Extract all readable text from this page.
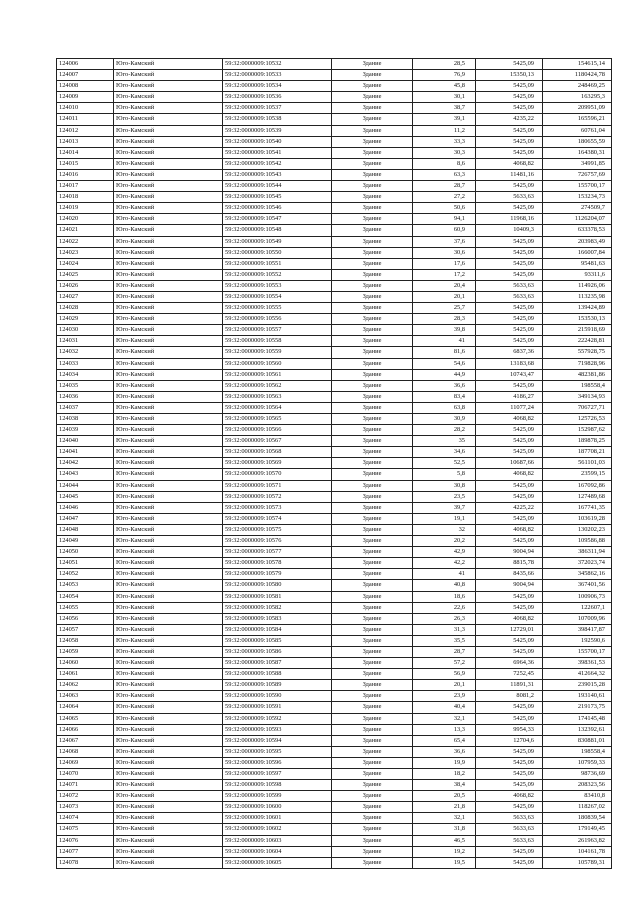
124006	Юго-Камский	59:32:0000009:10532	Здание	28,5	5425,09	154615,14
124007	Юго-Камский	59:32:0000009:10533	Здание	76,9	15350,13	1180424,78
124008	Юго-Камский	59:32:0000009:10534	Здание	45,8	5425,09	248469,25
124009	Юго-Камский	59:32:0000009:10536	Здание	30,1	5425,09	163295,3
124010	Юго-Камский	59:32:0000009:10537	Здание	38,7	5425,09	209951,09
124011	Юго-Камский	59:32:0000009:10538	Здание	39,1	4235,22	165596,21
124012	Юго-Камский	59:32:0000009:10539	Здание	11,2	5425,09	60761,04
124013	Юго-Камский	59:32:0000009:10540	Здание	33,3	5425,09	180655,59
124014	Юго-Камский	59:32:0000009:10541	Здание	30,3	5425,09	164380,31
124015	Юго-Камский	59:32:0000009:10542	Здание	8,6	4068,82	34991,85
124016	Юго-Камский	59:32:0000009:10543	Здание	63,3	11481,16	726757,69
124017	Юго-Камский	59:32:0000009:10544	Здание	28,7	5425,09	155700,17
124018	Юго-Камский	59:32:0000009:10545	Здание	27,2	5633,63	153234,73
124019	Юго-Камский	59:32:0000009:10546	Здание	50,6	5425,09	274509,7
124020	Юго-Камский	59:32:0000009:10547	Здание	94,1	11968,16	1126204,07
124021	Юго-Камский	59:32:0000009:10548	Здание	60,9	10409,3	633378,53
124022	Юго-Камский	59:32:0000009:10549	Здание	37,6	5425,09	203983,49
124023	Юго-Камский	59:32:0000009:10550	Здание	30,6	5425,09	166007,84
124024	Юго-Камский	59:32:0000009:10551	Здание	17,6	5425,09	95481,63
124025	Юго-Камский	59:32:0000009:10552	Здание	17,2	5425,09	93311,6
124026	Юго-Камский	59:32:0000009:10553	Здание	20,4	5633,63	114926,06
124027	Юго-Камский	59:32:0000009:10554	Здание	20,1	5633,63	113235,98
124028	Юго-Камский	59:32:0000009:10555	Здание	25,7	5425,09	139424,89
124029	Юго-Камский	59:32:0000009:10556	Здание	28,3	5425,09	153530,13
124030	Юго-Камский	59:32:0000009:10557	Здание	39,8	5425,09	215918,69
124031	Юго-Камский	59:32:0000009:10558	Здание	41	5425,09	222428,81
124032	Юго-Камский	59:32:0000009:10559	Здание	81,6	6837,36	557928,75
124033	Юго-Камский	59:32:0000009:10560	Здание	54,6	13183,68	719828,96
124034	Юго-Камский	59:32:0000009:10561	Здание	44,9	10743,47	482381,86
124035	Юго-Камский	59:32:0000009:10562	Здание	36,6	5425,09	198558,4
124036	Юго-Камский	59:32:0000009:10563	Здание	83,4	4186,27	349134,93
124037	Юго-Камский	59:32:0000009:10564	Здание	63,8	11077,24	706727,71
124038	Юго-Камский	59:32:0000009:10565	Здание	30,9	4068,82	125726,53
124039	Юго-Камский	59:32:0000009:10566	Здание	28,2	5425,09	152987,62
124040	Юго-Камский	59:32:0000009:10567	Здание	35	5425,09	189878,25
124041	Юго-Камский	59:32:0000009:10568	Здание	34,6	5425,09	187708,21
124042	Юго-Камский	59:32:0000009:10569	Здание	52,5	10687,66	561101,03
124043	Юго-Камский	59:32:0000009:10570	Здание	5,8	4068,82	23599,15
124044	Юго-Камский	59:32:0000009:10571	Здание	30,8	5425,09	167092,86
124045	Юго-Камский	59:32:0000009:10572	Здание	23,5	5425,09	127489,68
124046	Юго-Камский	59:32:0000009:10573	Здание	39,7	4225,22	167741,35
124047	Юго-Камский	59:32:0000009:10574	Здание	19,1	5425,09	103619,28
124048	Юго-Камский	59:32:0000009:10575	Здание	32	4068,82	130202,23
124049	Юго-Камский	59:32:0000009:10576	Здание	20,2	5425,09	109586,88
124050	Юго-Камский	59:32:0000009:10577	Здание	42,9	9004,94	386311,94
124051	Юго-Камский	59:32:0000009:10578	Здание	42,2	8815,78	372023,74
124052	Юго-Камский	59:32:0000009:10579	Здание	41	8435,66	345862,16
124053	Юго-Камский	59:32:0000009:10580	Здание	40,8	9004,94	367401,56
124054	Юго-Камский	59:32:0000009:10581	Здание	18,6	5425,09	100906,73
124055	Юго-Камский	59:32:0000009:10582	Здание	22,6	5425,09	122607,1
124056	Юго-Камский	59:32:0000009:10583	Здание	26,3	4068,82	107009,96
124057	Юго-Камский	59:32:0000009:10584	Здание	31,3	12729,01	398417,87
124058	Юго-Камский	59:32:0000009:10585	Здание	35,5	5425,09	192590,6
124059	Юго-Камский	59:32:0000009:10586	Здание	28,7	5425,09	155700,17
124060	Юго-Камский	59:32:0000009:10587	Здание	57,2	6964,36	398361,53
124061	Юго-Камский	59:32:0000009:10588	Здание	56,9	7252,45	412664,32
124062	Юго-Камский	59:32:0000009:10589	Здание	20,1	11891,31	239015,28
124063	Юго-Камский	59:32:0000009:10590	Здание	23,9	8081,2	193140,61
124064	Юго-Камский	59:32:0000009:10591	Здание	40,4	5425,09	219173,75
124065	Юго-Камский	59:32:0000009:10592	Здание	32,1	5425,09	174145,48
124066	Юго-Камский	59:32:0000009:10593	Здание	13,3	9954,33	132392,61
124067	Юго-Камский	59:32:0000009:10594	Здание	65,4	12704,6	830881,01
124068	Юго-Камский	59:32:0000009:10595	Здание	36,6	5425,09	198558,4
124069	Юго-Камский	59:32:0000009:10596	Здание	19,9	5425,09	107959,33
124070	Юго-Камский	59:32:0000009:10597	Здание	18,2	5425,09	98736,69
124071	Юго-Камский	59:32:0000009:10598	Здание	38,4	5425,09	208323,56
124072	Юго-Камский	59:32:0000009:10599	Здание	20,5	4068,82	83410,8
124073	Юго-Камский	59:32:0000009:10600	Здание	21,8	5425,09	118267,02
124074	Юго-Камский	59:32:0000009:10601	Здание	32,1	5633,63	180839,54
124075	Юго-Камский	59:32:0000009:10602	Здание	31,8	5633,63	179149,45
124076	Юго-Камский	59:32:0000009:10603	Здание	46,5	5633,63	261963,82
124077	Юго-Камский	59:32:0000009:10604	Здание	19,2	5425,09	104161,78
124078	Юго-Камский	59:32:0000009:10605	Здание	19,5	5425,09	105789,31
